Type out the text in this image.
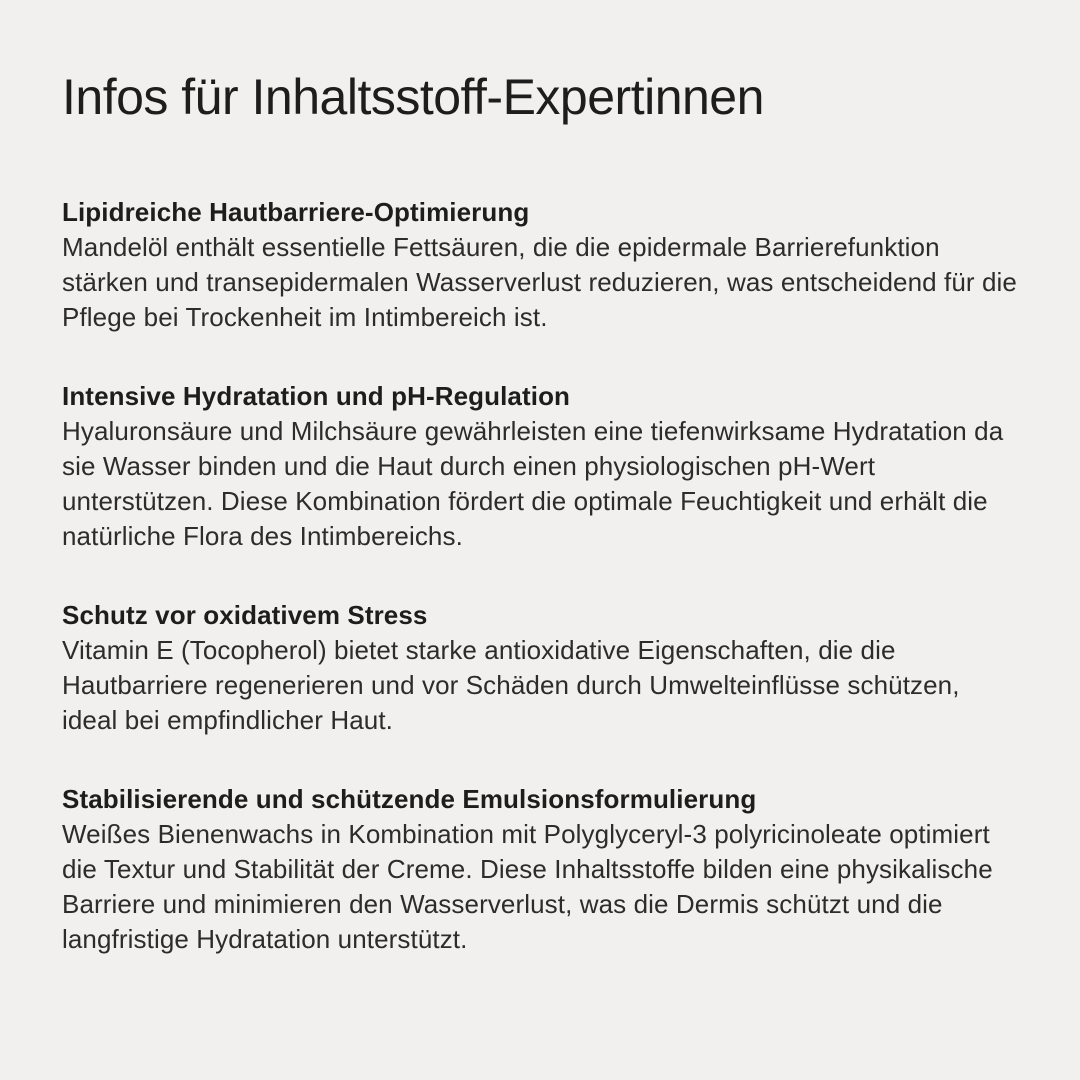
Infos für Inhaltsstoff-Expertinnen
Lipidreiche Hautbarriere-Optimierung

Mandelöl enthält essentielle Fettsäuren, die die epidermale Barrierefunktion stärken und transepidermalen Wasserverlust reduzieren, was entscheidend für die Pflege bei Trockenheit im Intimbereich ist.

Intensive Hydratation und pH-Regulation

Hyaluronsäure und Milchsäure gewährleisten eine tiefenwirksame Hydratation da sie Wasser binden und die Haut durch einen physiologischen pH-Wert unterstützen. Diese Kombination fördert die optimale Feuchtigkeit und erhält die natürliche Flora des Intimbereichs.

Schutz vor oxidativem Stress

Vitamin E (Tocopherol) bietet starke antioxidative Eigenschaften, die die Hautbarriere regenerieren und vor Schäden durch Umwelteinflüsse schützen, ideal bei empfindlicher Haut.

Stabilisierende und schützende Emulsionsformulierung

Weißes Bienenwachs in Kombination mit Polyglyceryl-3 polyricinoleate optimiert die Textur und Stabilität der Creme. Diese Inhaltsstoffe bilden eine physikalische Barriere und minimieren den Wasserverlust, was die Dermis schützt und die langfristige Hydratation unterstützt.
